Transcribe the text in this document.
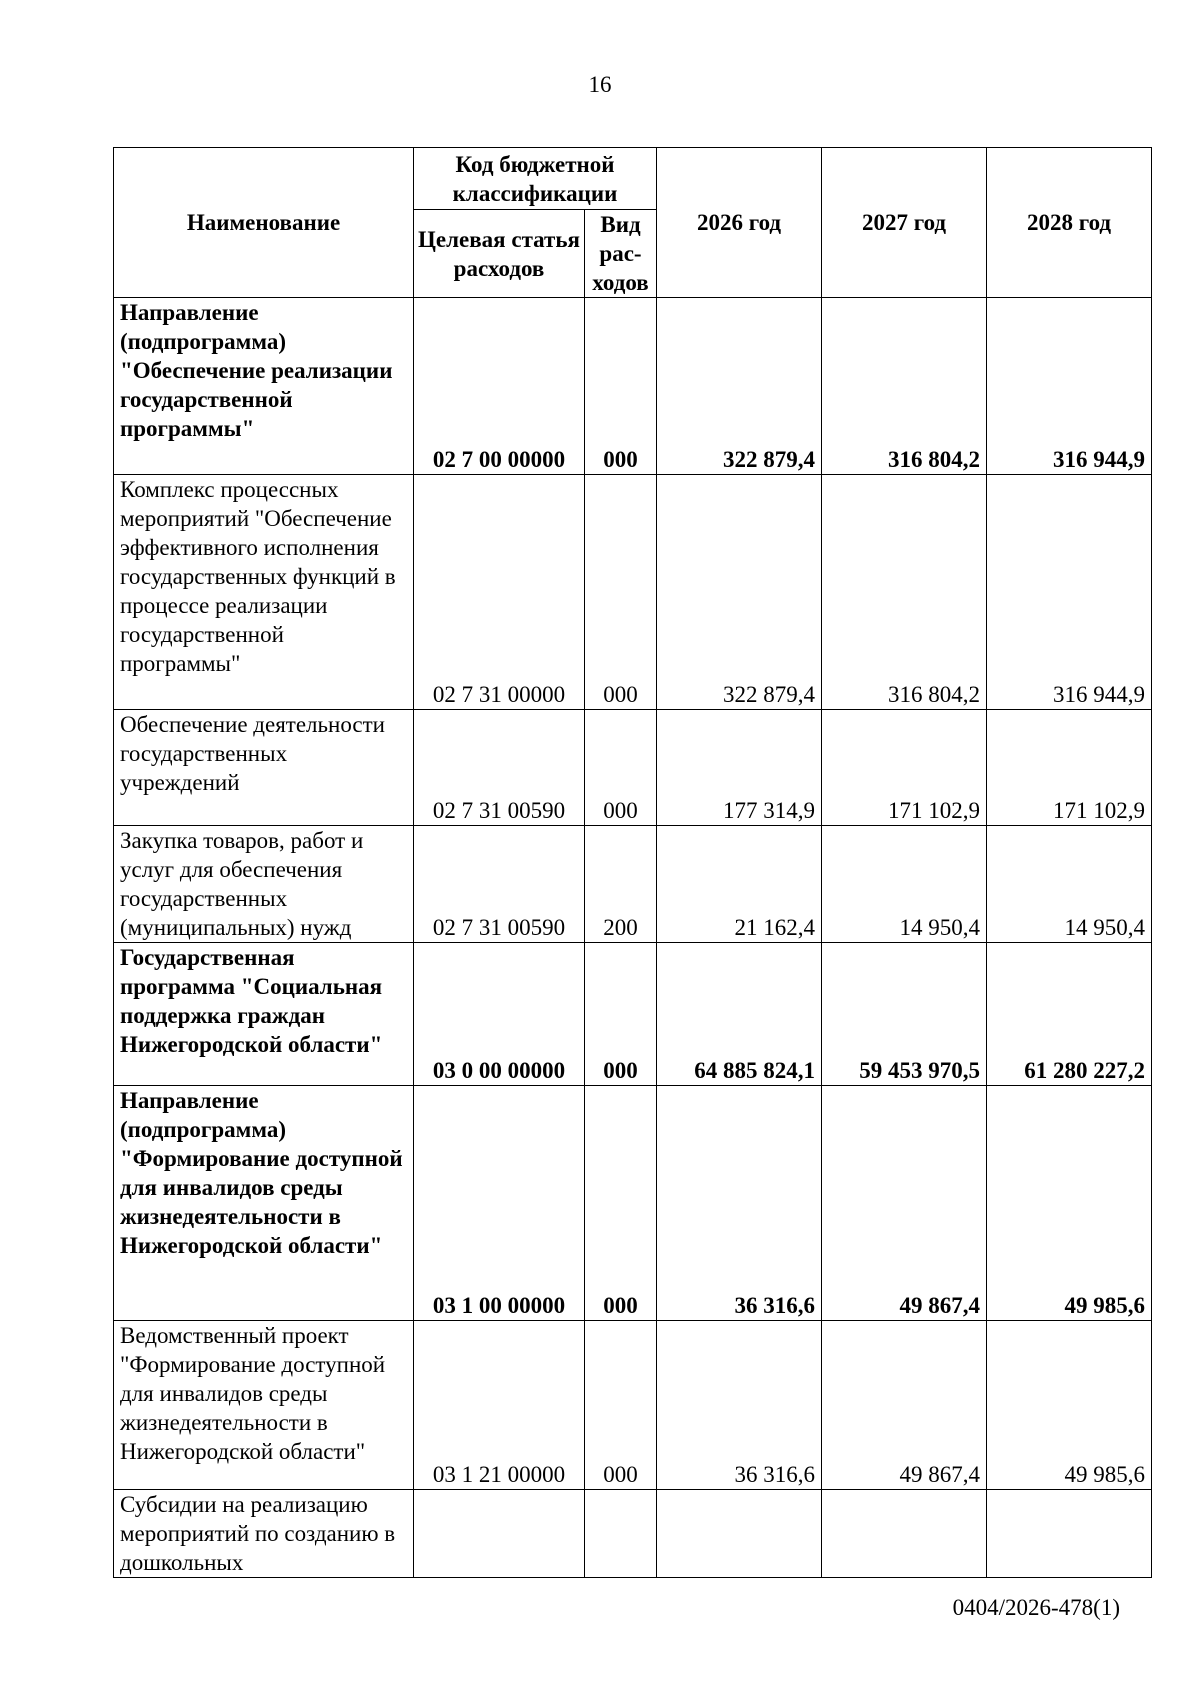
16
Наименование	Код бюджетной классификации		2026 год	2027 год	2028 год
	Целевая статья расходов	Вид рас-ходов			
Направление (подпрограмма) "Обеспечение реализации государственной программы"	02 7 00 00000	000	322 879,4	316 804,2	316 944,9
Комплекс процессных мероприятий "Обеспечение эффективного исполнения государственных функций в процессе реализации государственной программы"	02 7 31 00000	000	322 879,4	316 804,2	316 944,9
Обеспечение деятельности государственных учреждений	02 7 31 00590	000	177 314,9	171 102,9	171 102,9
Закупка товаров, работ и услуг для обеспечения государственных (муниципальных) нужд	02 7 31 00590	200	21 162,4	14 950,4	14 950,4
Государственная программа "Социальная поддержка граждан Нижегородской области"	03 0 00 00000	000	64 885 824,1	59 453 970,5	61 280 227,2
Направление (подпрограмма) "Формирование доступной для инвалидов среды жизнедеятельности в Нижегородской области"	03 1 00 00000	000	36 316,6	49 867,4	49 985,6
Ведомственный проект "Формирование доступной для инвалидов среды жизнедеятельности в Нижегородской области"	03 1 21 00000	000	36 316,6	49 867,4	49 985,6
Субсидии на реализацию мероприятий по созданию в дошкольных					
0404/2026-478(1)
